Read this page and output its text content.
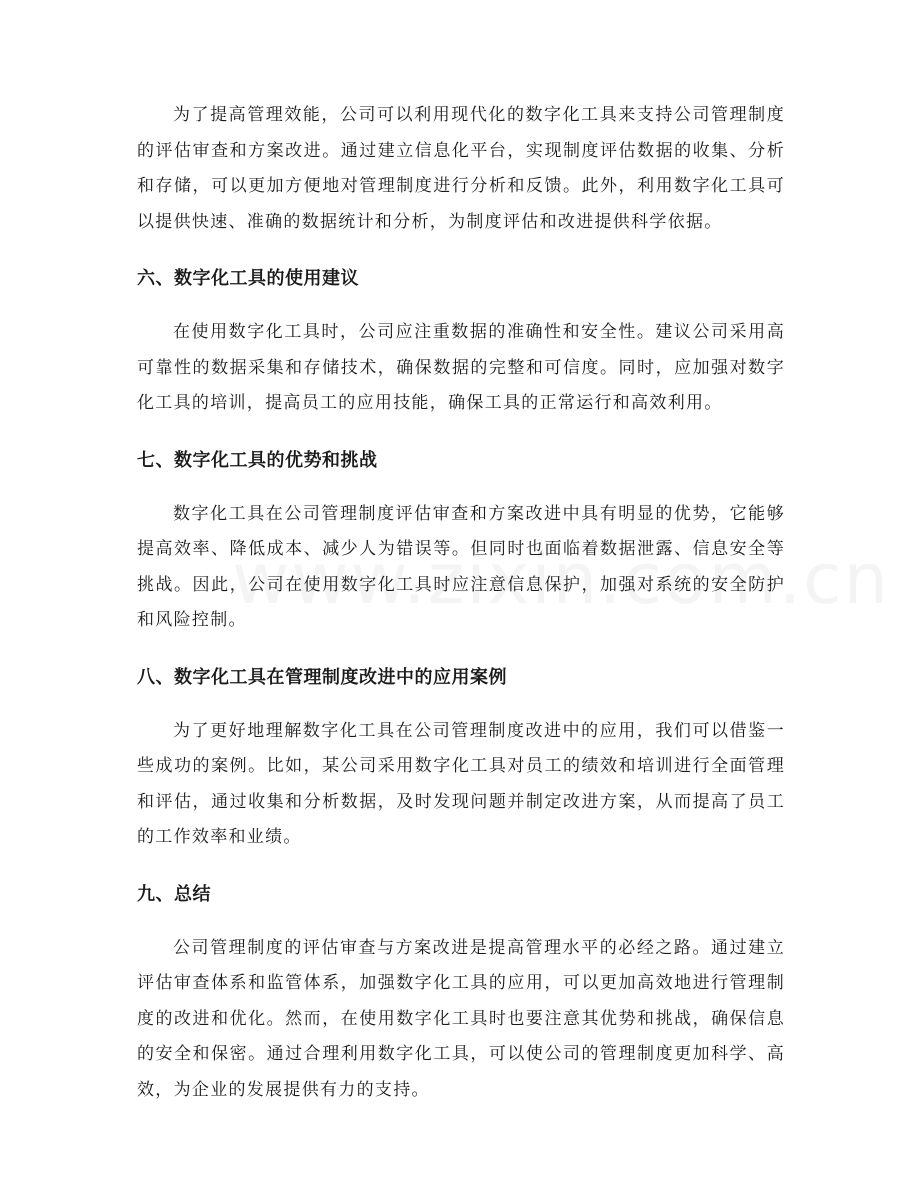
为了提高管理效能，公司可以利用现代化的数字化工具来支持公司管理制度的评估审查和方案改进。通过建立信息化平台，实现制度评估数据的收集、分析和存储，可以更加方便地对管理制度进行分析和反馈。此外，利用数字化工具可以提供快速、准确的数据统计和分析，为制度评估和改进提供科学依据。

六、数字化工具的使用建议

在使用数字化工具时，公司应注重数据的准确性和安全性。建议公司采用高可靠性的数据采集和存储技术，确保数据的完整和可信度。同时，应加强对数字化工具的培训，提高员工的应用技能，确保工具的正常运行和高效利用。

七、数字化工具的优势和挑战

数字化工具在公司管理制度评估审查和方案改进中具有明显的优势，它能够提高效率、降低成本、减少人为错误等。但同时也面临着数据泄露、信息安全等挑战。因此，公司在使用数字化工具时应注意信息保护，加强对系统的安全防护和风险控制。

八、数字化工具在管理制度改进中的应用案例

为了更好地理解数字化工具在公司管理制度改进中的应用，我们可以借鉴一些成功的案例。比如，某公司采用数字化工具对员工的绩效和培训进行全面管理和评估，通过收集和分析数据，及时发现问题并制定改进方案，从而提高了员工的工作效率和业绩。

九、总结

公司管理制度的评估审查与方案改进是提高管理水平的必经之路。通过建立评估审查体系和监管体系，加强数字化工具的应用，可以更加高效地进行管理制度的改进和优化。然而，在使用数字化工具时也要注意其优势和挑战，确保信息的安全和保密。通过合理利用数字化工具，可以使公司的管理制度更加科学、高效，为企业的发展提供有力的支持。
